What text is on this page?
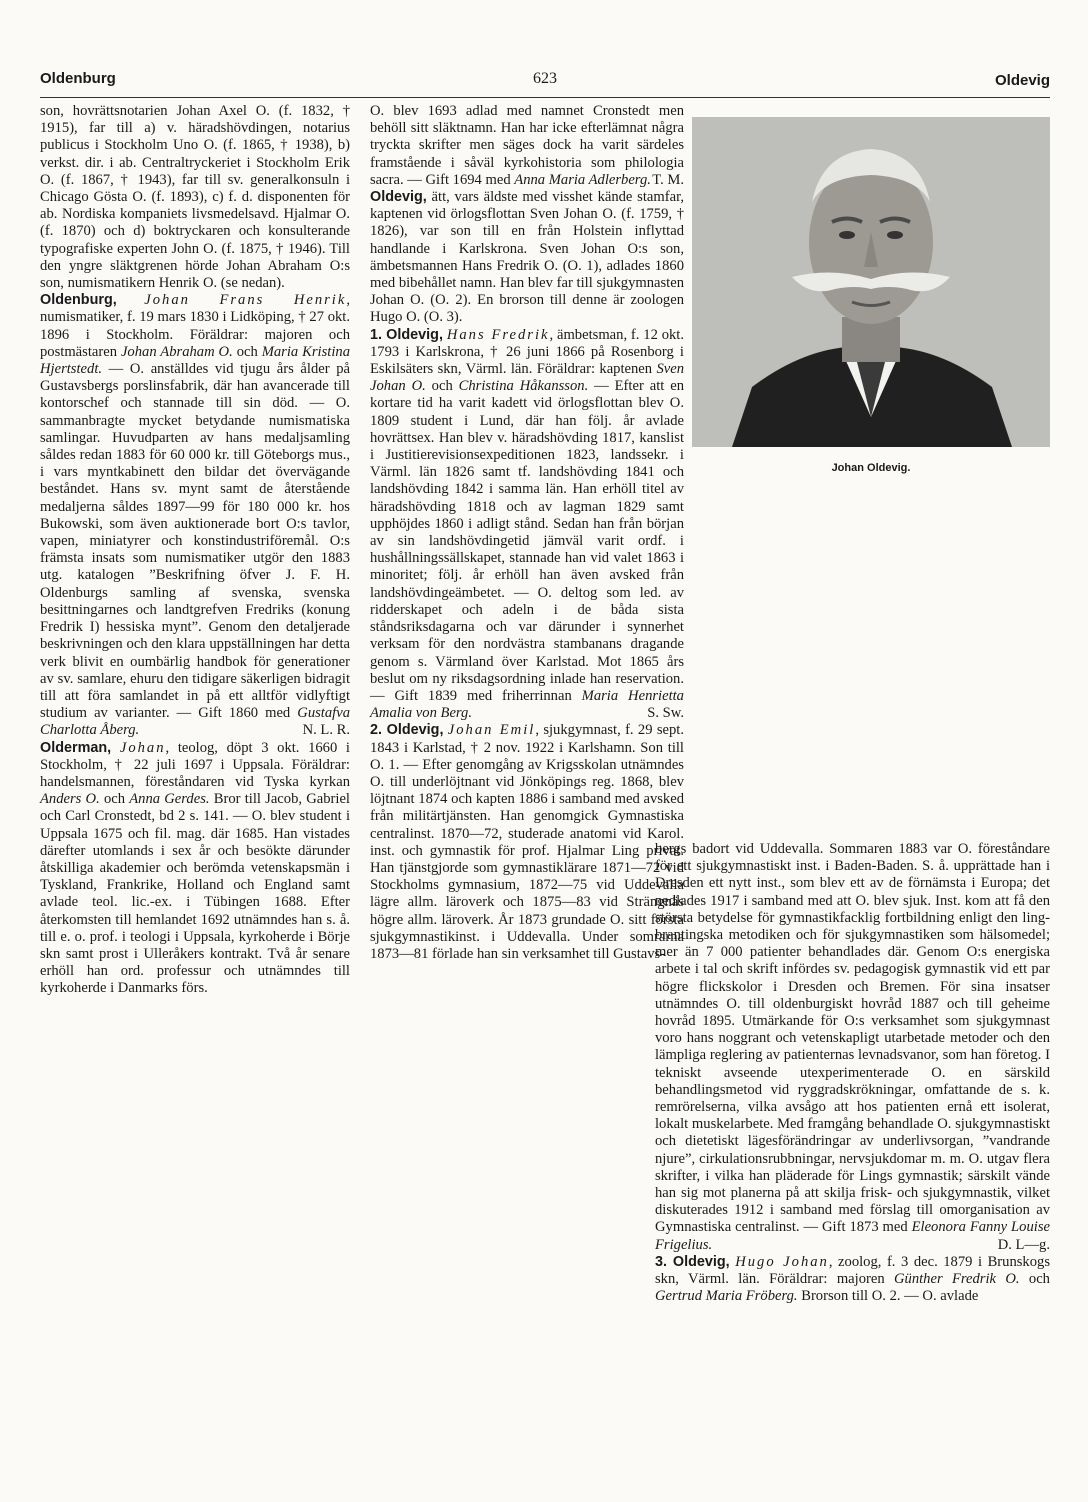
Oldenburg	623	Oldevig

son, hovrättsnotarien Johan Axel O. (f. 1832, † 1915), far till a) v. häradshövdingen, notarius publicus i Stockholm Uno O. (f. 1865, † 1938), b) verkst. dir. i ab. Centraltryckeriet i Stockholm Erik O. (f. 1867, † 1943), far till sv. generalkonsuln i Chicago Gösta O. (f. 1893), c) f. d. disponenten för ab. Nordiska kompaniets livsmedelsavd. Hjalmar O. (f. 1870) och d) boktryckaren och konsulterande typografiske experten John O. (f. 1875, † 1946). Till den yngre släktgrenen hörde Johan Abraham O:s son, numismatikern Henrik O. (se nedan).

Oldenburg, Johan Frans Henrik, numismatiker, f. 19 mars 1830 i Lidköping, † 27 okt. 1896 i Stockholm. Föräldrar: majoren och postmästaren Johan Abraham O. och Maria Kristina Hjertstedt. — O. anställdes vid tjugu års ålder på Gustavsbergs porslinsfabrik, där han avancerade till kontorschef och stannade till sin död. — O. sammanbragte mycket betydande numismatiska samlingar. Huvudparten av hans medaljsamling såldes redan 1883 för 60 000 kr. till Göteborgs mus., i vars myntkabinett den bildar det övervägande beståndet. Hans sv. mynt samt de återstående medaljerna såldes 1897—99 för 180 000 kr. hos Bukowski, som även auktionerade bort O:s tavlor, vapen, miniatyrer och konstindustriföremål. O:s främsta insats som numismatiker utgör den 1883 utg. katalogen ”Beskrifning öfver J. F. H. Oldenburgs samling af svenska, svenska besittningarnes och landtgrefven Fredriks (konung Fredrik I) hessiska mynt”. Genom den detaljerade beskrivningen och den klara uppställningen har detta verk blivit en oumbärlig handbok för generationer av sv. samlare, ehuru den tidigare säkerligen bidragit till att föra samlandet in på ett alltför vidlyftigt studium av varianter. — Gift 1860 med Gustafva Charlotta Åberg.	N. L. R.

Olderman, Johan, teolog, döpt 3 okt. 1660 i Stockholm, † 22 juli 1697 i Uppsala. Föräldrar: handelsmannen, föreståndaren vid Tyska kyrkan Anders O. och Anna Gerdes. Bror till Jacob, Gabriel och Carl Cronstedt, bd 2 s. 141. — O. blev student i Uppsala 1675 och fil. mag. där 1685. Han vistades därefter utomlands i sex år och besökte därunder åtskilliga akademier och berömda vetenskapsmän i Tyskland, Frankrike, Holland och England samt avlade teol. lic.-ex. i Tübingen 1688. Efter återkomsten till hemlandet 1692 utnämndes han s. å. till e. o. prof. i teologi i Uppsala, kyrkoherde i Börje skn samt prost i Ulleråkers kontrakt. Två år senare erhöll han ord. professur och utnämndes till kyrkoherde i Danmarks förs.

O. blev 1693 adlad med namnet Cronstedt men behöll sitt släktnamn. Han har icke efterlämnat några tryckta skrifter men säges dock ha varit särdeles framstående i såväl kyrkohistoria som philologia sacra. — Gift 1694 med Anna Maria Adlerberg. T. M.

Oldevig, ätt, vars äldste med visshet kände stamfar, kaptenen vid örlogsflottan Sven Johan O. (f. 1759, † 1826), var son till en från Holstein inflyttad handlande i Karlskrona. Sven Johan O:s son, ämbetsmannen Hans Fredrik O. (O. 1), adlades 1860 med bibehållet namn. Han blev far till sjukgymnasten Johan O. (O. 2). En brorson till denne är zoologen Hugo O. (O. 3).

1. Oldevig, Hans Fredrik, ämbetsman, f. 12 okt. 1793 i Karlskrona, † 26 juni 1866 på Rosenborg i Eskilsäters skn, Värml. län. Föräldrar: kaptenen Sven Johan O. och Christina Håkansson. — Efter att en kortare tid ha varit kadett vid örlogsflottan blev O. 1809 student i Lund, där han följ. år avlade hovrättsex. Han blev v. häradshövding 1817, kanslist i Justitierevisionsexpeditionen 1823, landssekr. i Värml. län 1826 samt tf. landshövding 1841 och landshövding 1842 i samma län. Han erhöll titel av häradshövding 1818 och av lagman 1829 samt upphöjdes 1860 i adligt stånd. Sedan han från början av sin landshövdingetid jämväl varit ordf. i hushållningssällskapet, stannade han vid valet 1863 i minoritet; följ. år erhöll han även avsked från landshövdingeämbetet. — O. deltog som led. av ridderskapet och adeln i de båda sista ståndsriksdagarna och var därunder i synnerhet verksam för den nordvästra stambanans dragande genom s. Värmland över Karlstad. Mot 1865 års beslut om ny riksdagsordning inlade han reservation. — Gift 1839 med friherrinnan Maria Henrietta Amalia von Berg.	S. Sw.

2. Oldevig, Johan Emil, sjukgymnast, f. 29 sept. 1843 i Karlstad, † 2 nov. 1922 i Karlshamn. Son till O. 1. — Efter genomgång av Krigsskolan utnämndes O. till underlöjtnant vid Jönköpings reg. 1868, blev löjtnant 1874 och kapten 1886 i samband med avsked från militärtjänsten. Han genomgick Gymnastiska centralinst. 1870—72, studerade anatomi vid Karol. inst. och gymnastik för prof. Hjalmar Ling privat. Han tjänstgjorde som gymnastiklärare 1871—72 vid Stockholms gymnasium, 1872—75 vid Uddevalla lägre allm. läroverk och 1875—83 vid Strängnäs högre allm. läroverk. År 1873 grundade O. sitt första sjukgymnastikinst. i Uddevalla. Under somrarna 1873—81 förlade han sin verksamhet till Gustavs-

Johan Oldevig.

bergs badort vid Uddevalla. Sommaren 1883 var O. föreståndare för ett sjukgymnastiskt inst. i Baden-Baden. S. å. upprättade han i Dresden ett nytt inst., som blev ett av de förnämsta i Europa; det nedlades 1917 i samband med att O. blev sjuk. Inst. kom att få den största betydelse för gymnastikfacklig fortbildning enligt den ling-brantingska metodiken och för sjukgymnastiken som hälsomedel; mer än 7 000 patienter behandlades där. Genom O:s energiska arbete i tal och skrift infördes sv. pedagogisk gymnastik vid ett par högre flickskolor i Dresden och Bremen. För sina insatser utnämndes O. till oldenburgiskt hovråd 1887 och till geheime hovråd 1895. Utmärkande för O:s verksamhet som sjukgymnast voro hans noggrant och vetenskapligt utarbetade metoder och den lämpliga reglering av patienternas levnadsvanor, som han företog. I tekniskt avseende utexperimenterade O. en särskild behandlingsmetod vid ryggradskrökningar, omfattande de s. k. remrörelserna, vilka avsågo att hos patienten ernå ett isolerat, lokalt muskelarbete. Med framgång behandlade O. sjukgymnastiskt och dietetiskt lägesförändringar av underlivsorgan, ”vandrande njure”, cirkulationsrubbningar, nervsjukdomar m. m. O. utgav flera skrifter, i vilka han pläderade för Lings gymnastik; särskilt vände han sig mot planerna på att skilja frisk- och sjukgymnastik, vilket diskuterades 1912 i samband med förslag till omorganisation av Gymnastiska centralinst. — Gift 1873 med Eleonora Fanny Louise Frigelius.	D. L—g.

3. Oldevig, Hugo Johan, zoolog, f. 3 dec. 1879 i Brunskogs skn, Värml. län. Föräldrar: majoren Günther Fredrik O. och Gertrud Maria Fröberg. Brorson till O. 2. — O. avlade
